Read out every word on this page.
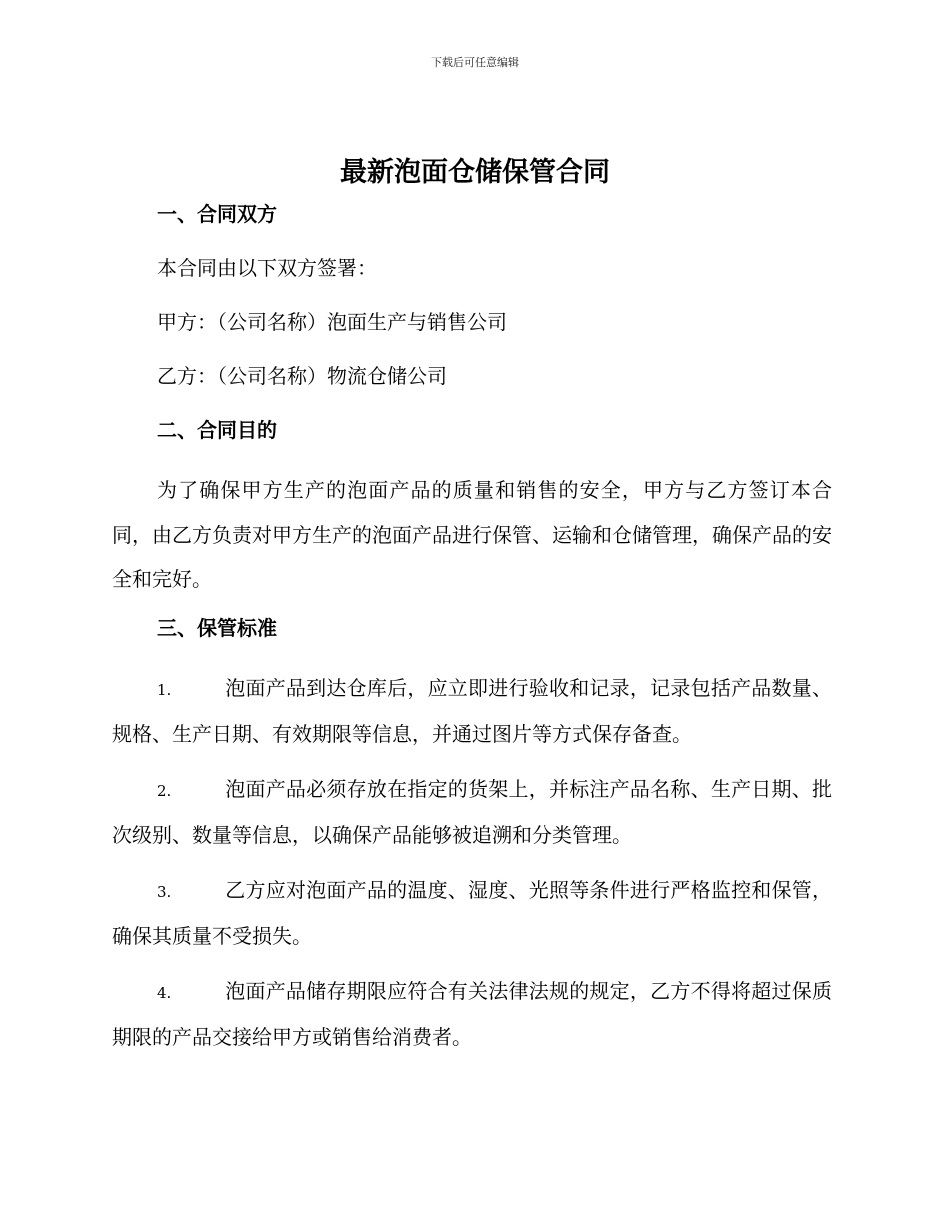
下载后可任意编辑
最新泡面仓储保管合同
一、合同双方
本合同由以下双方签署：
甲方：（公司名称）泡面生产与销售公司
乙方：（公司名称）物流仓储公司
二、合同目的
为了确保甲方生产的泡面产品的质量和销售的安全，甲方与乙方签订本合同，由乙方负责对甲方生产的泡面产品进行保管、运输和仓储管理，确保产品的安全和完好。
三、保管标准
1.	泡面产品到达仓库后，应立即进行验收和记录，记录包括产品数量、规格、生产日期、有效期限等信息，并通过图片等方式保存备查。
2.	泡面产品必须存放在指定的货架上，并标注产品名称、生产日期、批次级别、数量等信息，以确保产品能够被追溯和分类管理。
3.	乙方应对泡面产品的温度、湿度、光照等条件进行严格监控和保管，确保其质量不受损失。
4.	泡面产品储存期限应符合有关法律法规的规定，乙方不得将超过保质期限的产品交接给甲方或销售给消费者。
